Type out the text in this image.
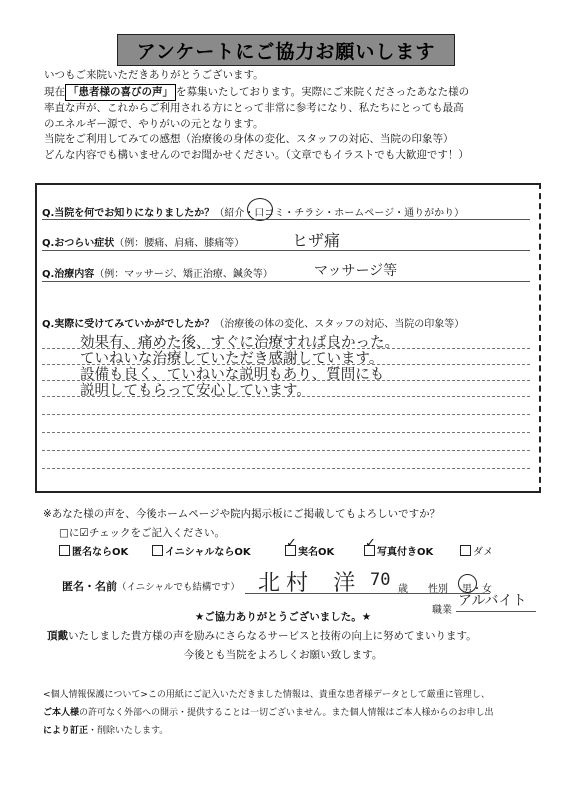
アンケートにご協力お願いします
いつもご来院いただきありがとうございます。
現在 「患者様の喜びの声」 を募集いたしております。実際にご来院くださったあなた様の
率直な声が、これからご利用される方にとって非常に参考になり、私たちにとっても最高
のエネルギー源で、やりがいの元となります。
当院をご利用してみての感想（治療後の身体の変化、スタッフの対応、当院の印象等）
どんな内容でも構いませんのでお聞かせください。（文章でもイラストでも大歓迎です！）
Q.当院を何でお知りになりましたか？（紹介・口コミ・チラシ・ホームページ・通りがかり）
Q.おつらい症状（例：腰痛、肩痛、膝痛等）	ヒザ痛
Q.治療内容（例：マッサージ、矯正治療、鍼灸等）	マッサージ等
Q.実際に受けてみていかがでしたか？（治療後の体の変化、スタッフの対応、当院の印象等）
効果有、痛めた後、すぐに治療すれば良かった。
ていねいな治療していただき感謝しています。
設備も良く、ていねいな説明もあり、質問にも
説明してもらって安心しています。
※あなた様の声を、今後ホームページや院内掲示板にご掲載してもよろしいですか？
□に☑チェックをご記入ください。
匿名ならOK	イニシャルならOK	実名OK
✓
写真付きOK
✓
ダメ
匿名・名前（イニシャルでも結構です） 北村 洋 70 歳 性別 男・女
職業
アルバイト
★ご協力ありがとうございました。★
頂戴いたしました貴方様の声を励みにさらなるサービスと技術の向上に努めてまいります。
今後とも当院をよろしくお願い致します。
<個人情報保護について>この用紙にご記入いただきました情報は、貴重な患者様データとして厳重に管理し、
ご本人様の許可なく外部への開示・提供することは一切ございません。また個人情報はご本人様からのお申し出
により訂正・削除いたします。
